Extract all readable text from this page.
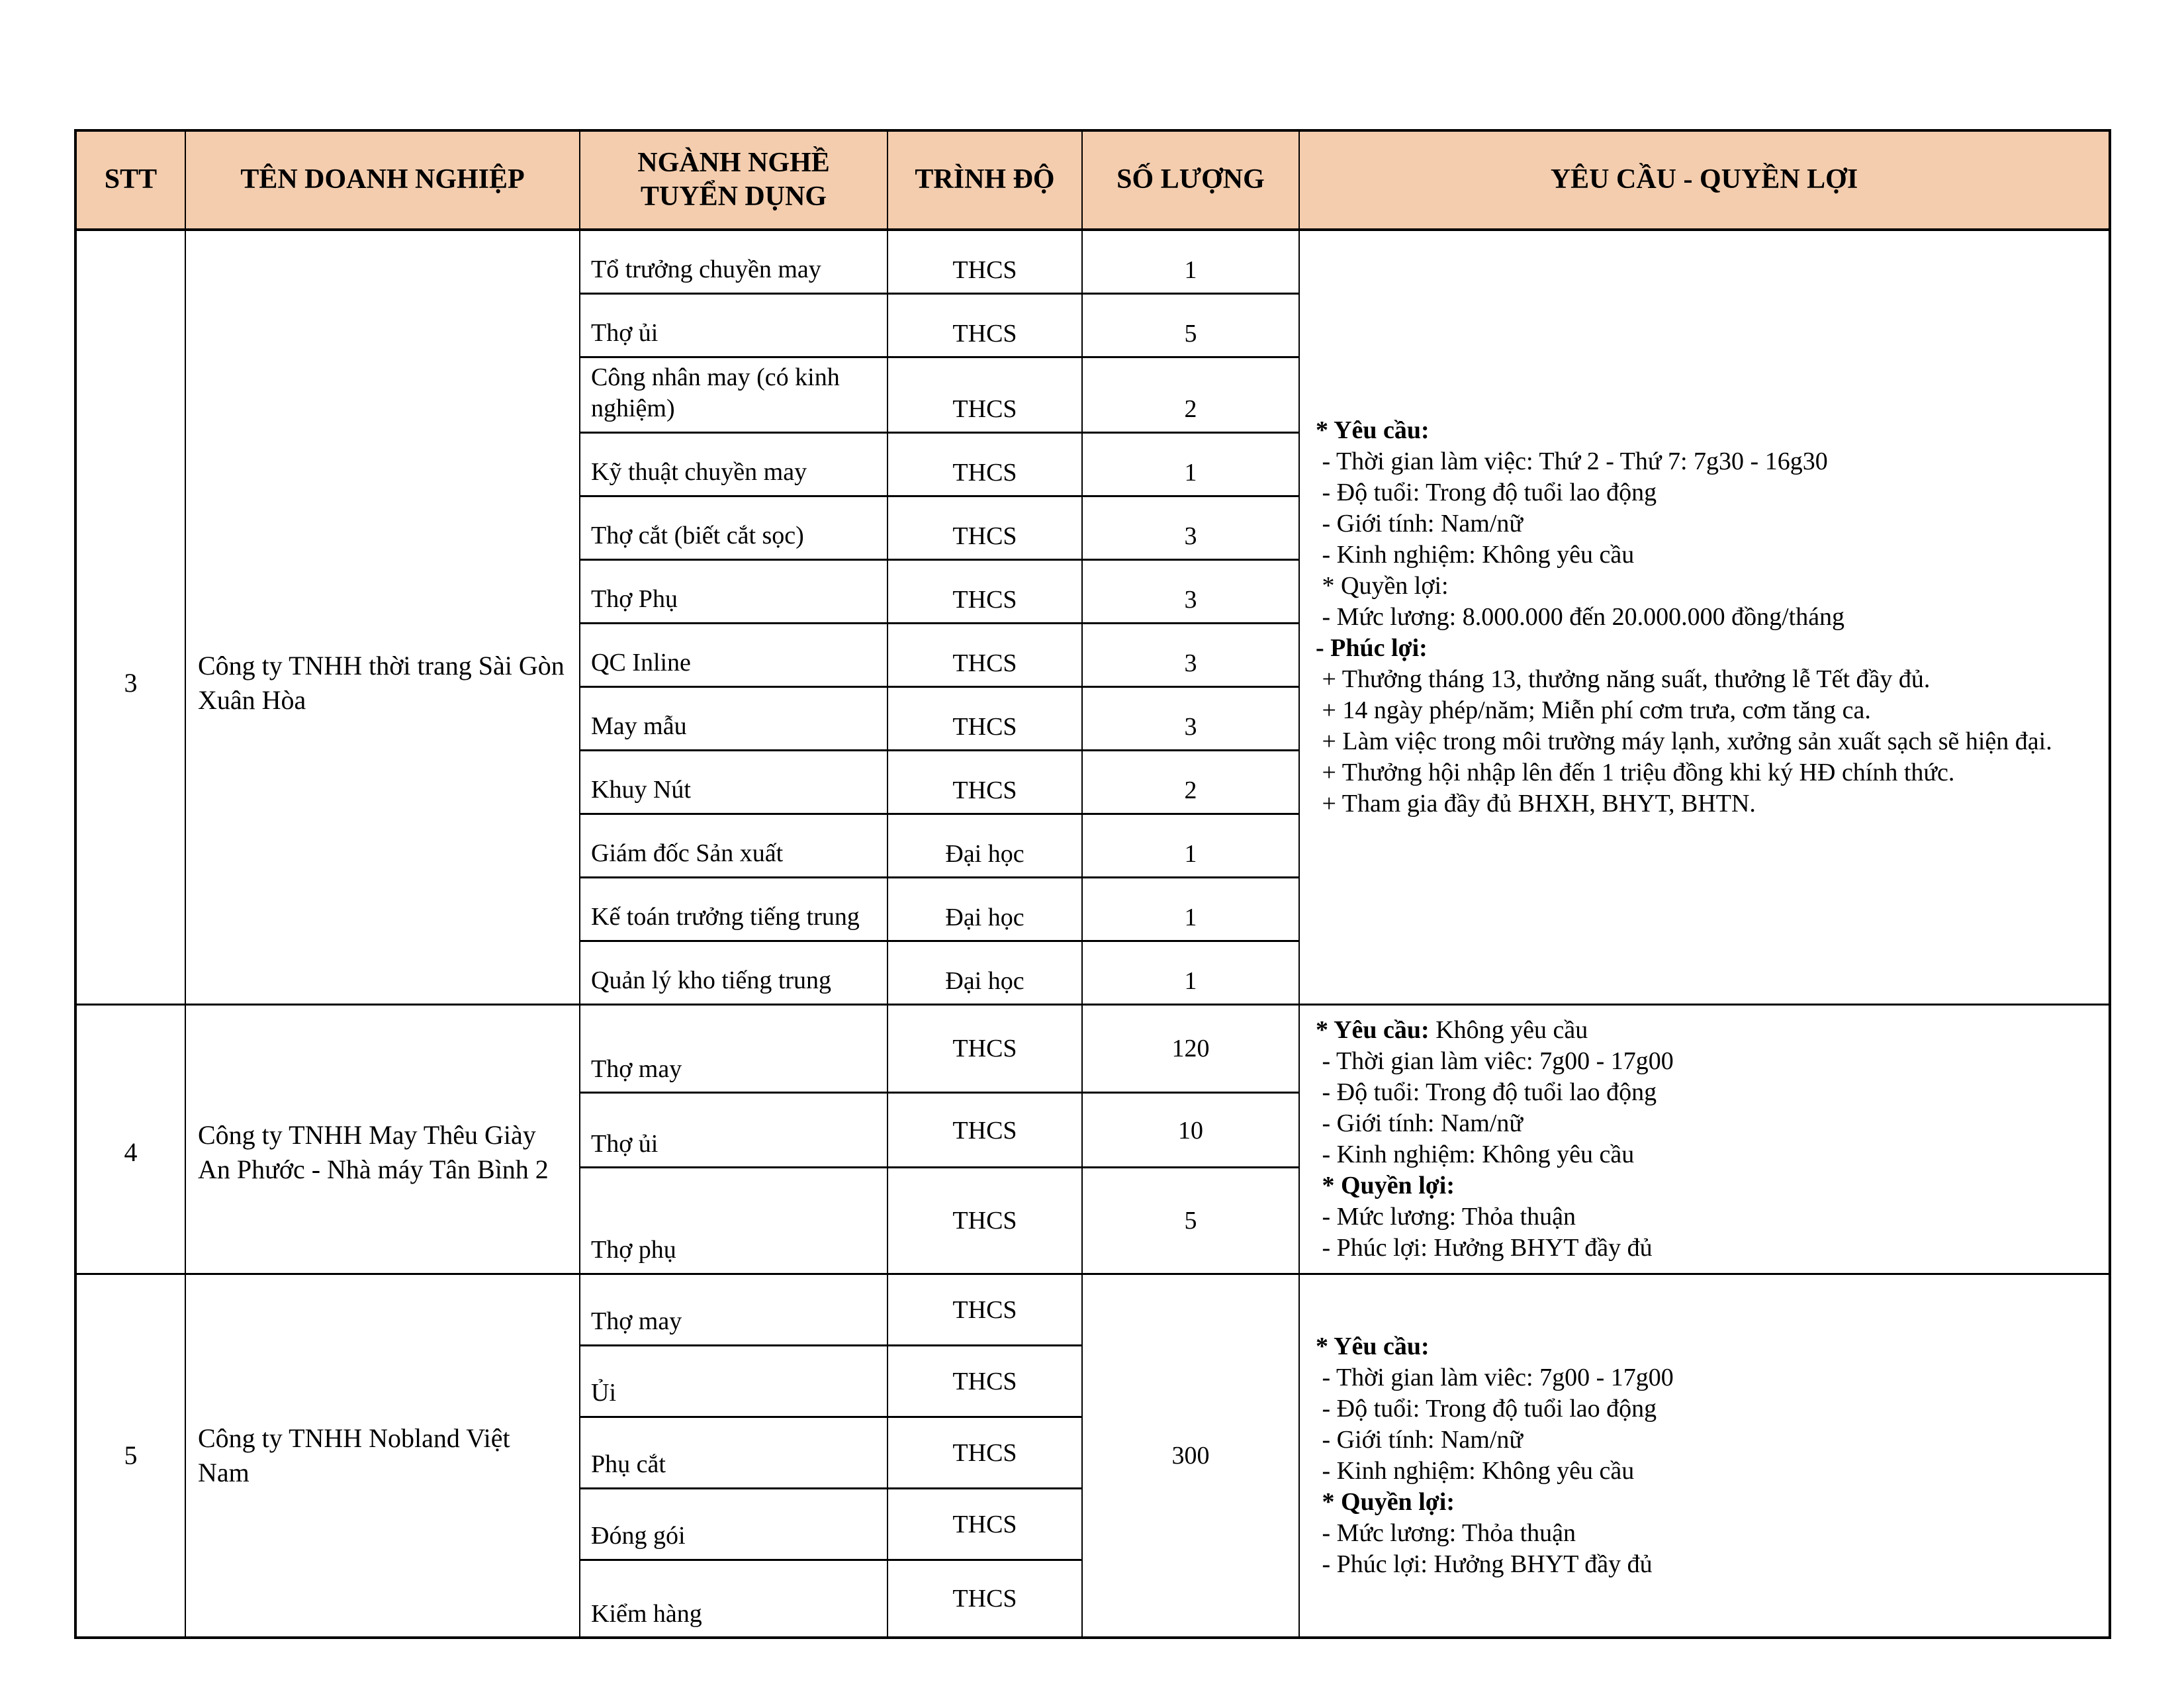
STT	TÊN DOANH NGHIỆP	NGÀNH NGHỀ TUYỂN DỤNG	TRÌNH ĐỘ	SỐ LƯỢNG	YÊU CẦU - QUYỀN LỢI
3	Công ty TNHH thời trang Sài Gòn Xuân Hòa	Tổ trưởng chuyền may	THCS	1	
* Yêu cầu:
- Thời gian làm việc: Thứ 2 - Thứ 7: 7g30 - 16g30
- Độ tuổi: Trong độ tuổi lao động
- Giới tính: Nam/nữ
- Kinh nghiệm: Không yêu cầu
* Quyền lợi:
- Mức lương: 8.000.000 đến 20.000.000 đồng/tháng
- Phúc lợi:
+ Thưởng tháng 13, thưởng năng suất, thưởng lễ Tết đầy đủ.
+ 14 ngày phép/năm; Miễn phí cơm trưa, cơm tăng ca.
+ Làm việc trong môi trường máy lạnh, xưởng sản xuất sạch sẽ hiện đại.
+ Thưởng hội nhập lên đến 1 triệu đồng khi ký HĐ chính thức.
+ Tham gia đầy đủ BHXH, BHYT, BHTN.

		Thợ ủi	THCS	5	
		Công nhân may (có kinh nghiệm)	THCS	2	
		Kỹ thuật chuyền may	THCS	1	
		Thợ cắt (biết cắt sọc)	THCS	3	
		Thợ Phụ	THCS	3	
		QC Inline	THCS	3	
		May mẫu	THCS	3	
		Khuy Nút	THCS	2	
		Giám đốc Sản xuất	Đại học	1	
		Kế toán trưởng tiếng trung	Đại học	1	
		Quản lý kho tiếng trung	Đại học	1	
4	Công ty TNHH May Thêu Giày An Phước - Nhà máy Tân Bình 2	Thợ may	THCS	120	
* Yêu cầu: Không yêu cầu
- Thời gian làm viêc: 7g00 - 17g00
- Độ tuổi: Trong độ tuổi lao động
- Giới tính: Nam/nữ
- Kinh nghiệm: Không yêu cầu
* Quyền lợi:
- Mức lương: Thỏa thuận
- Phúc lợi: Hưởng BHYT đầy đủ

		Thợ ủi	THCS	10	
		Thợ phụ	THCS	5	
5	Công ty TNHH Nobland Việt Nam	Thợ may	THCS	300	
* Yêu cầu:
- Thời gian làm viêc: 7g00 - 17g00
- Độ tuổi: Trong độ tuổi lao động
- Giới tính: Nam/nữ
- Kinh nghiệm: Không yêu cầu
* Quyền lợi:
- Mức lương: Thỏa thuận
- Phúc lợi: Hưởng BHYT đầy đủ

		Ủi	THCS		
		Phụ cắt	THCS		
		Đóng gói	THCS		
		Kiểm hàng	THCS		
